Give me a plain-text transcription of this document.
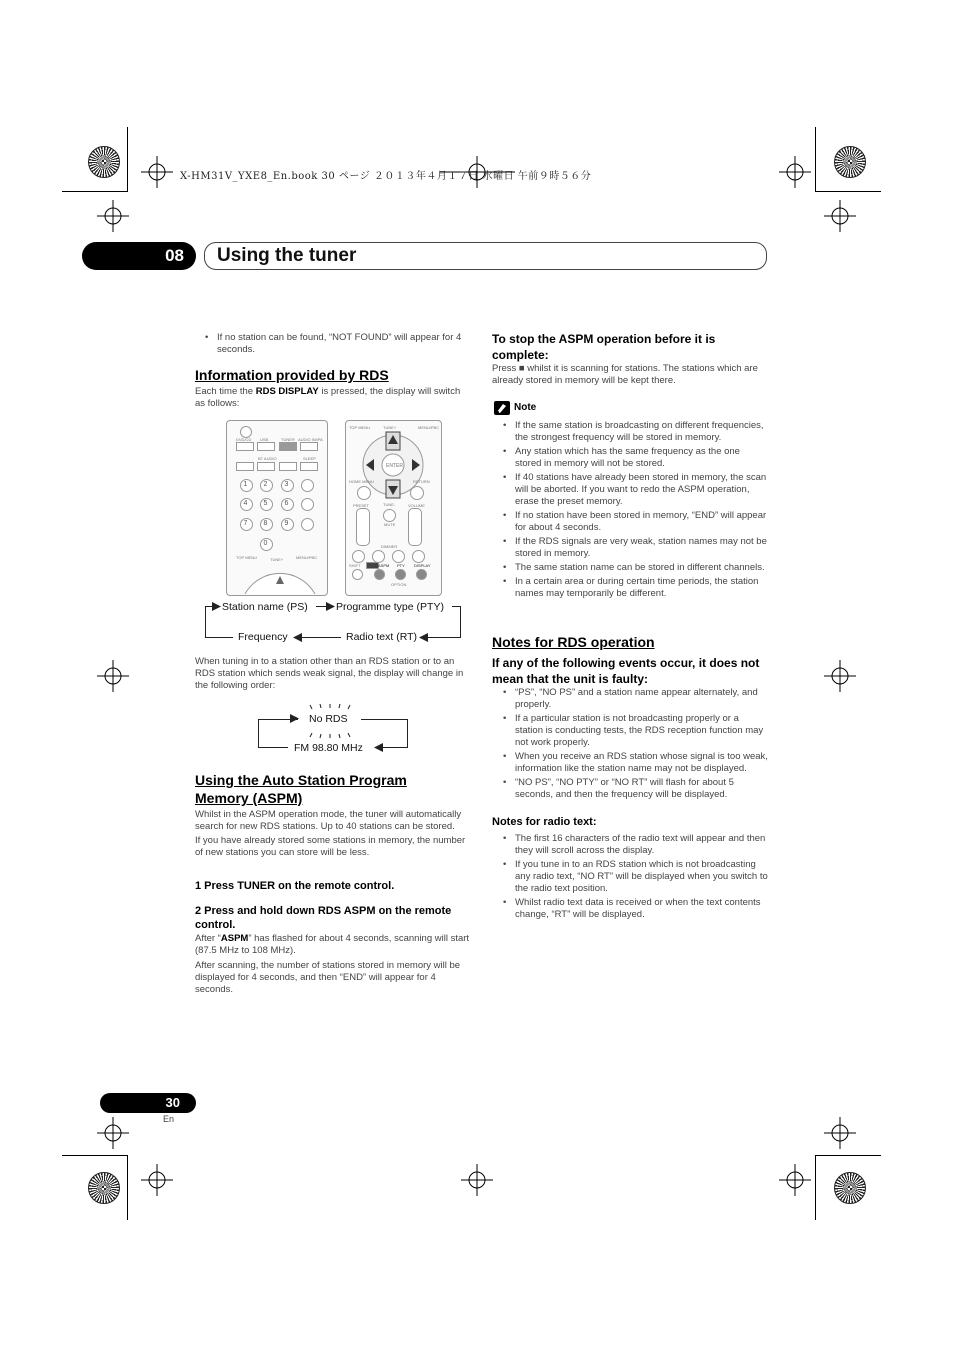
X-HM31V_YXE8_En.book 30 ページ ２０１３年４月１７日 水曜日 午前９時５６分
08	Using the tuner
• If no station can be found, “NOT FOUND” will appear for 4 seconds.
Information provided by RDS
Each time the RDS DISPLAY is pressed, the display will switch as follows:
DVD/CD USB	TUNER AUDIO IN/iPA
BT AUDIO	SLEEP
1	2	3
4	5	6
7	8	9
0
TOP MENU	TUNE+	MENU/PBC
TOP MENU	TUNE+	MENU/PBC
ENTER
HOME MENU	RETURN
TUNE-
PRESET	VOLUME
MUTE
DIMMER
SHIFT	ASPM PTY DISPLAY
OPTION
Station name (PS)	Programme type (PTY)
Radio text (RT)
Frequency
When tuning in to a station other than an RDS station or to an RDS station which sends weak signal, the display will change in the following order:
No RDS
FM 98.80 MHz
Using the Auto Station Program Memory (ASPM)

Whilst in the ASPM operation mode, the tuner will automatically search for new RDS stations. Up to 40 stations can be stored.

If you have already stored some stations in memory, the number of new stations you can store will be less.

1 Press TUNER on the remote control.
2 Press and hold down RDS ASPM on the remote control.

After “ASPM” has flashed for about 4 seconds, scanning will start (87.5 MHz to 108 MHz).

After scanning, the number of stations stored in memory will be displayed for 4 seconds, and then “END” will appear for 4 seconds.

To stop the ASPM operation before it is complete:
Press ■ whilst it is scanning for stations. The stations which are already stored in memory will be kept there.
Note
• If the same station is broadcasting on different frequencies, the strongest frequency will be stored in memory.
• Any station which has the same frequency as the one stored in memory will not be stored.
• If 40 stations have already been stored in memory, the scan will be aborted. If you want to redo the ASPM operation, erase the preset memory.
• If no station have been stored in memory, “END” will appear for about 4 seconds.
• If the RDS signals are very weak, station names may not be stored in memory.
• The same station name can be stored in different channels.
• In a certain area or during certain time periods, the station names may temporarily be different.
Notes for RDS operation
If any of the following events occur, it does not mean that the unit is faulty:
• “PS”, “NO PS” and a station name appear alternately, and properly.
• If a particular station is not broadcasting properly or a station is conducting tests, the RDS reception function may not work properly.
• When you receive an RDS station whose signal is too weak, information like the station name may not be displayed.
• “NO PS”, “NO PTY” or “NO RT” will flash for about 5 seconds, and then the frequency will be displayed.
Notes for radio text:
• The first 16 characters of the radio text will appear and then they will scroll across the display.
• If you tune in to an RDS station which is not broadcasting any radio text, “NO RT” will be displayed when you switch to the radio text position.
• Whilst radio text data is received or when the text contents change, “RT” will be displayed.
30
En
